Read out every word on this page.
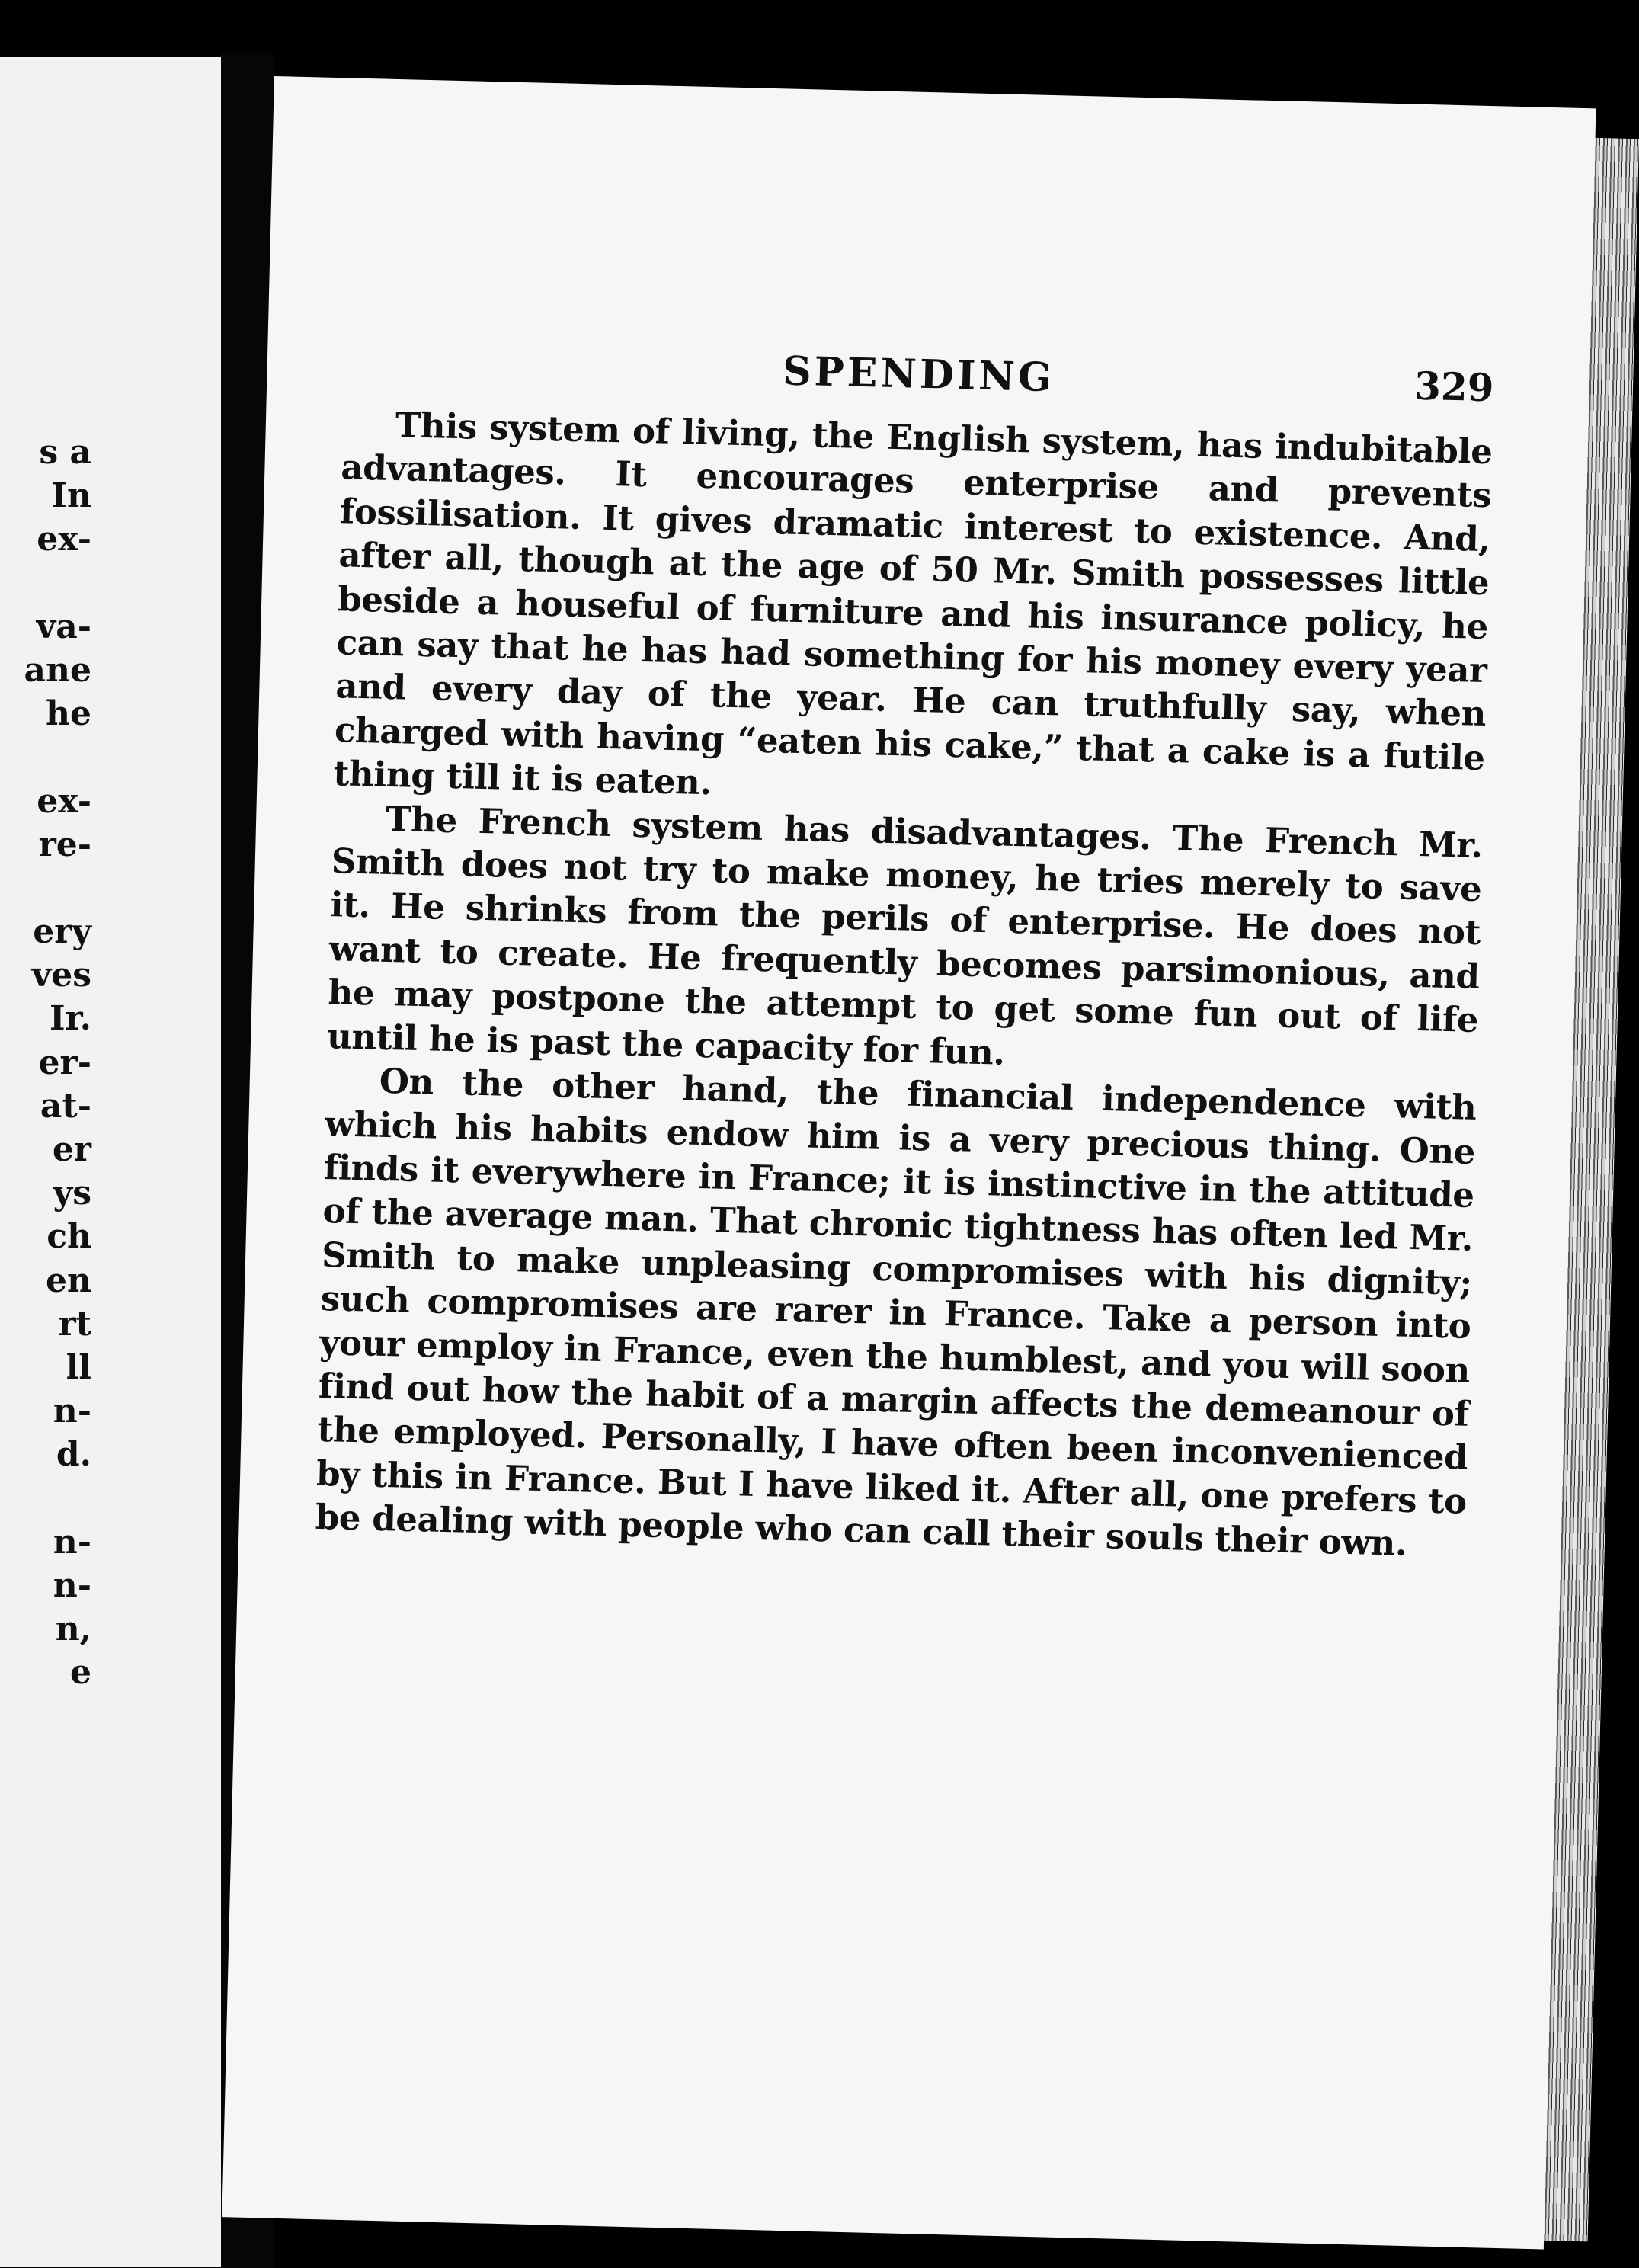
s a
In
ex-
va-
ane
he
ex-
re-
ery
ves
Ir.
er-
at-
er
ys
ch
en
rt
ll
n-
d.
n-
n-
n,
e
SPENDING	329

This system of living, the English system, has indubitable advantages. It encourages enterprise and prevents fossilisation. It gives dramatic interest to existence. And, after all, though at the age of 50 Mr. Smith possesses little beside a houseful of furniture and his insurance policy, he can say that he has had something for his money every year and every day of the year. He can truthfully say, when charged with having “eaten his cake,” that a cake is a futile thing till it is eaten.

The French system has disadvantages. The French Mr. Smith does not try to make money, he tries merely to save it. He shrinks from the perils of enterprise. He does not want to create. He frequently becomes parsimonious, and he may postpone the attempt to get some fun out of life until he is past the capacity for fun.

On the other hand, the financial independence with which his habits endow him is a very precious thing. One finds it everywhere in France; it is instinctive in the attitude of the average man. That chronic tightness has often led Mr. Smith to make unpleasing compromises with his dignity; such compromises are rarer in France. Take a person into your employ in France, even the humblest, and you will soon find out how the habit of a margin affects the demeanour of the employed. Personally, I have often been inconvenienced by this in France. But I have liked it. After all, one prefers to be dealing with people who can call their souls their own.
